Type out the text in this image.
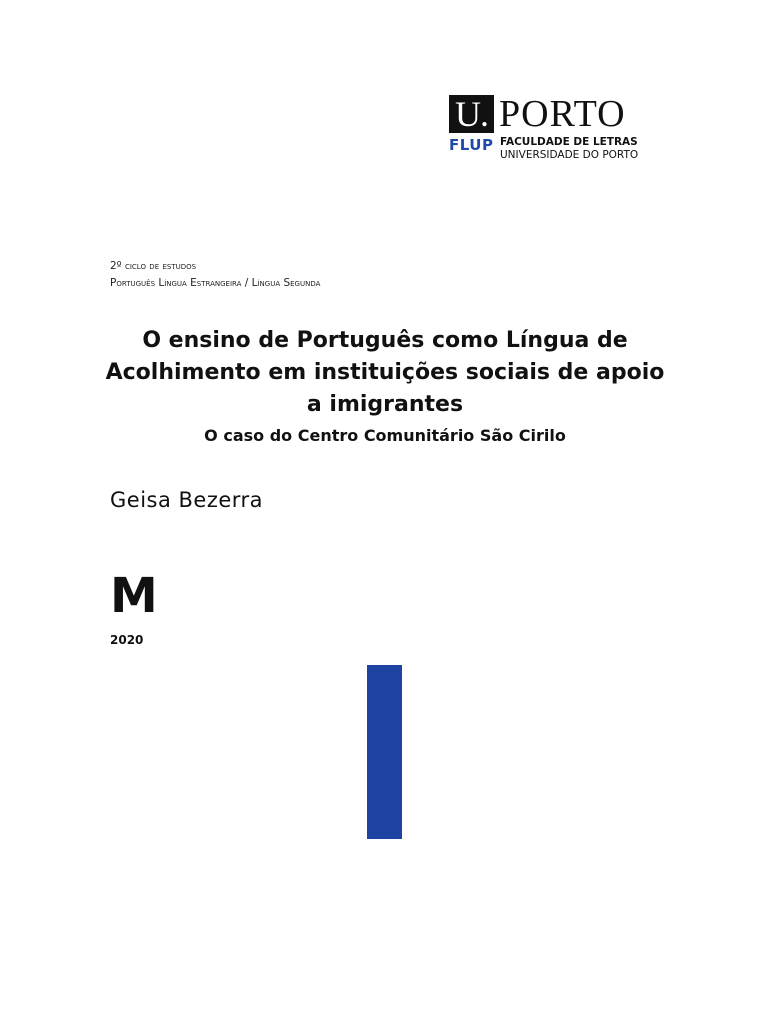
U. PORTO
FLUP FACULDADE DE LETRAS
UNIVERSIDADE DO PORTO
2º ciclo de estudos
Português Língua Estrangeira / Língua Segunda
O ensino de Português como Língua de
Acolhimento em instituições sociais de apoio
a imigrantes
O caso do Centro Comunitário São Cirilo
Geisa Bezerra
M
2020
